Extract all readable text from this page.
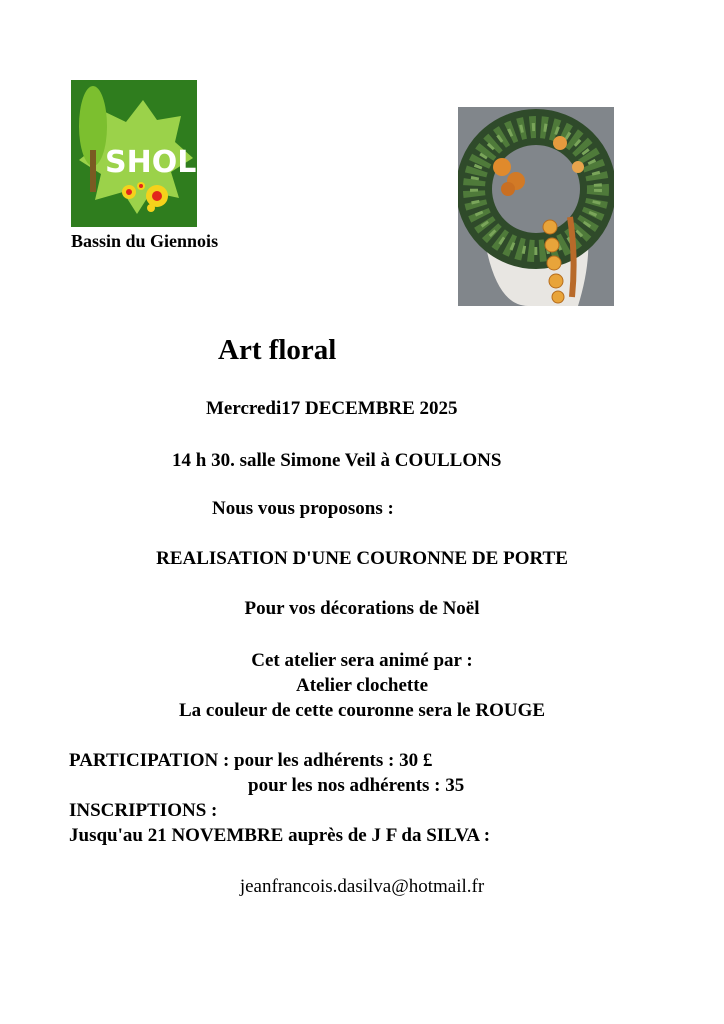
SHOL
Bassin du Giennois
Art floral
Mercredi17 DECEMBRE 2025
14 h 30. salle Simone Veil à COULLONS
Nous vous proposons :
REALISATION D'UNE COURONNE DE PORTE
Pour vos décorations de Noël
Cet atelier sera animé par :
Atelier clochette
La couleur de cette couronne sera le ROUGE
PARTICIPATION : pour les adhérents : 30 £
pour les nos adhérents : 35
INSCRIPTIONS :
Jusqu'au 21 NOVEMBRE auprès de J F da SILVA :
jeanfrancois.dasilva@hotmail.fr
